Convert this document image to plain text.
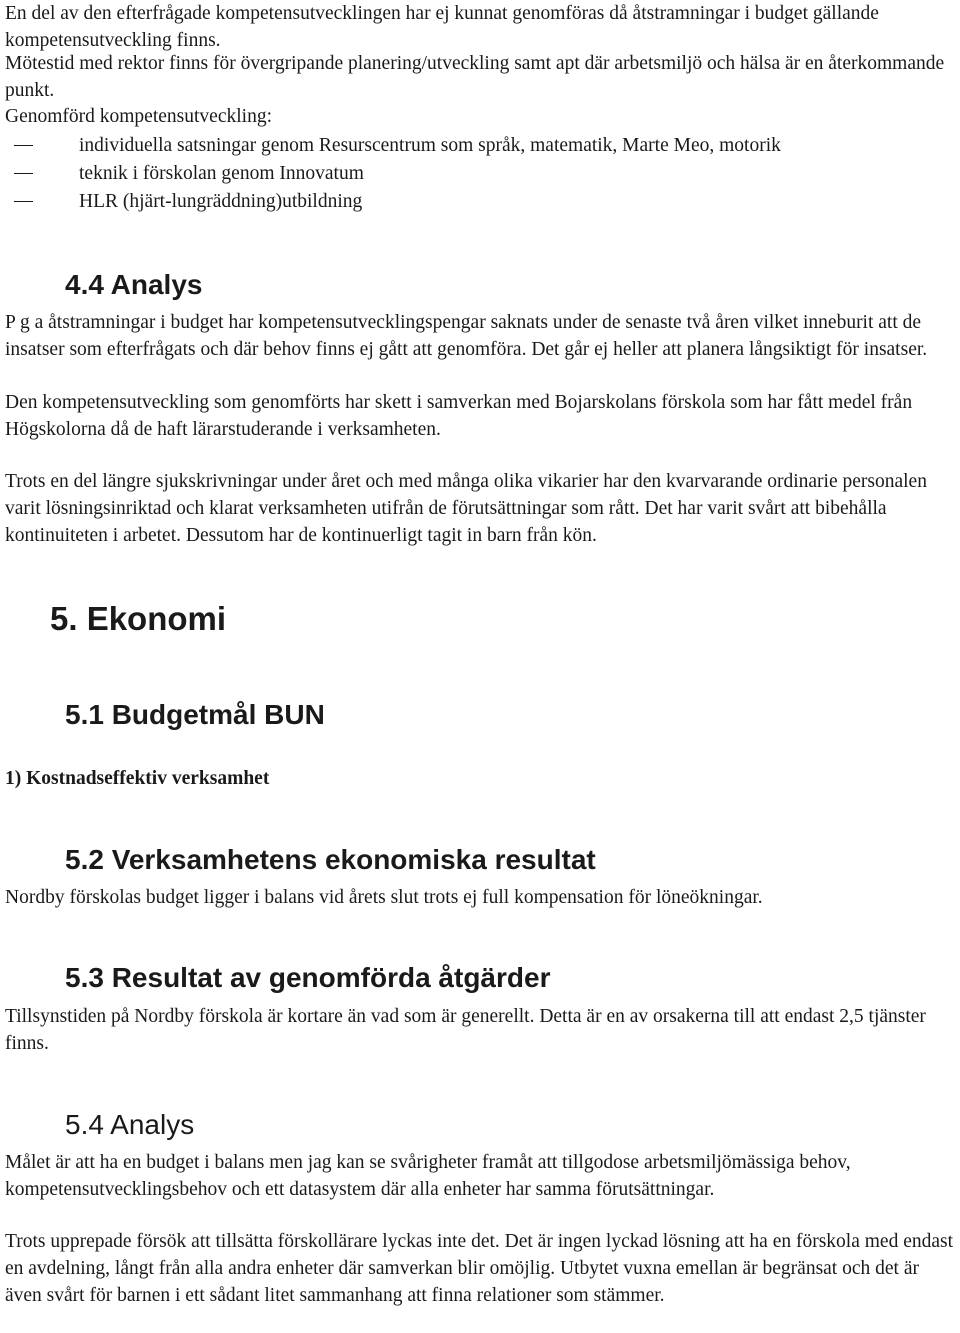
En del av den efterfrågade kompetensutvecklingen har ej kunnat genomföras då åtstramningar i budget gällande kompetensutveckling finns.

Mötestid med rektor finns för övergripande planering/utveckling samt apt där arbetsmiljö och hälsa är en återkommande punkt.

Genomförd kompetensutveckling:

individuella satsningar genom Resurscentrum som språk, matematik, Marte Meo, motorik
teknik i förskolan genom Innovatum
HLR (hjärt-lungräddning)utbildning
4.4 Analys

P g a åtstramningar i budget har kompetensutvecklingspengar saknats under de senaste två åren vilket inneburit att de insatser som efterfrågats och där behov finns ej gått att genomföra. Det går ej heller att planera långsiktigt för insatser.

Den kompetensutveckling som genomförts har skett i samverkan med Bojarskolans förskola som har fått medel från Högskolorna då de haft lärarstuderande i verksamheten.

Trots en del längre sjukskrivningar under året och med många olika vikarier har den kvarvarande ordinarie personalen varit lösningsinriktad och klarat verksamheten utifrån de förutsättningar som rått. Det har varit svårt att bibehålla kontinuiteten i arbetet. Dessutom har de kontinuerligt tagit in barn från kön.

5. Ekonomi
5.1 Budgetmål BUN

1) Kostnadseffektiv verksamhet

5.2 Verksamhetens ekonomiska resultat

Nordby förskolas budget ligger i balans vid årets slut trots ej full kompensation för löneökningar.

5.3 Resultat av genomförda åtgärder

Tillsynstiden på Nordby förskola är kortare än vad som är generellt. Detta är en av orsakerna till att endast 2,5 tjänster finns.

5.4 Analys

Målet är att ha en budget i balans men jag kan se svårigheter framåt att tillgodose arbetsmiljömässiga behov, kompetensutvecklingsbehov och ett datasystem där alla enheter har samma förutsättningar.

Trots upprepade försök att tillsätta förskollärare lyckas inte det. Det är ingen lyckad lösning att ha en förskola med endast en avdelning, långt från alla andra enheter där samverkan blir omöjlig. Utbytet vuxna emellan är begränsat och det är även svårt för barnen i ett sådant litet sammanhang att finna relationer som stämmer.
